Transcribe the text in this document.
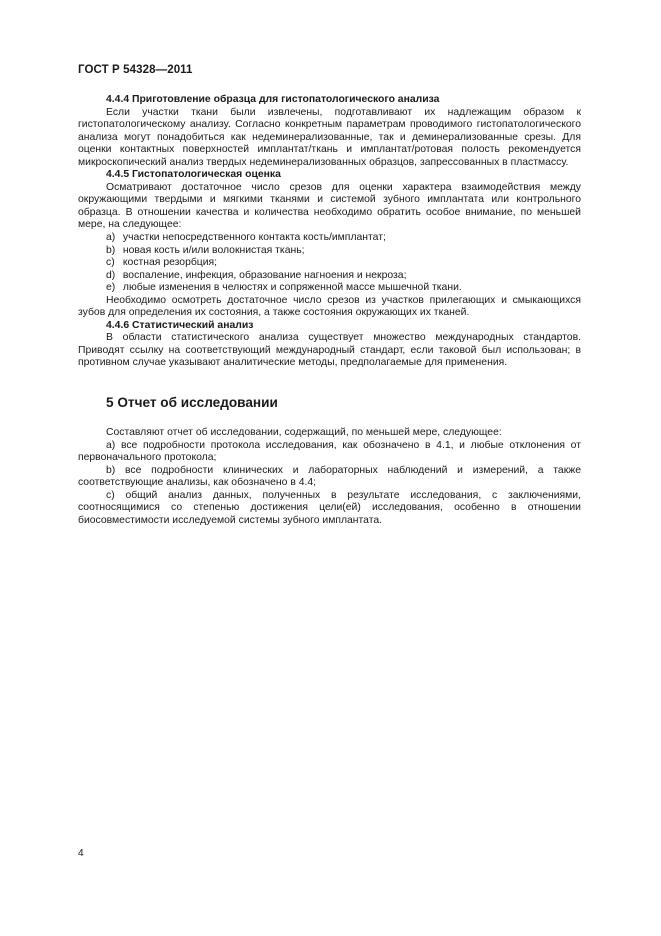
ГОСТ Р 54328—2011

4.4.4 Приготовление образца для гистопатологического анализа

Если участки ткани были извлечены, подготавливают их надлежащим образом к гистопатологическому анализу. Согласно конкретным параметрам проводимого гистопатологического анализа могут понадобиться как недеминерализованные, так и деминерализованные срезы. Для оценки контактных поверхностей имплантат/ткань и имплантат/ротовая полость рекомендуется микроскопический анализ твердых недеминерализованных образцов, запрессованных в пластмассу.

4.4.5 Гистопатологическая оценка

Осматривают достаточное число срезов для оценки характера взаимодействия между окружающими твердыми и мягкими тканями и системой зубного имплантата или контрольного образца. В отношении качества и количества необходимо обратить особое внимание, по меньшей мере, на следующее:

а) участки непосредственного контакта кость/имплантат;

b) новая кость и/или волокнистая ткань;

с) костная резорбция;

d) воспаление, инфекция, образование нагноения и некроза;

е) любые изменения в челюстях и сопряженной массе мышечной ткани.

Необходимо осмотреть достаточное число срезов из участков прилегающих и смыкающихся зубов для определения их состояния, а также состояния окружающих их тканей.

4.4.6 Статистический анализ

В области статистического анализа существует множество международных стандартов. Приводят ссылку на соответствующий международный стандарт, если таковой был использован; в противном случае указывают аналитические методы, предполагаемые для применения.

5 Отчет об исследовании

Составляют отчет об исследовании, содержащий, по меньшей мере, следующее:

а) все подробности протокола исследования, как обозначено в 4.1, и любые отклонения от первоначального протокола;

b) все подробности клинических и лабораторных наблюдений и измерений, а также соответствующие анализы, как обозначено в 4.4;

с) общий анализ данных, полученных в результате исследования, с заключениями, соотносящимися со степенью достижения цели(ей) исследования, особенно в отношении биосовместимости исследуемой системы зубного имплантата.

4
